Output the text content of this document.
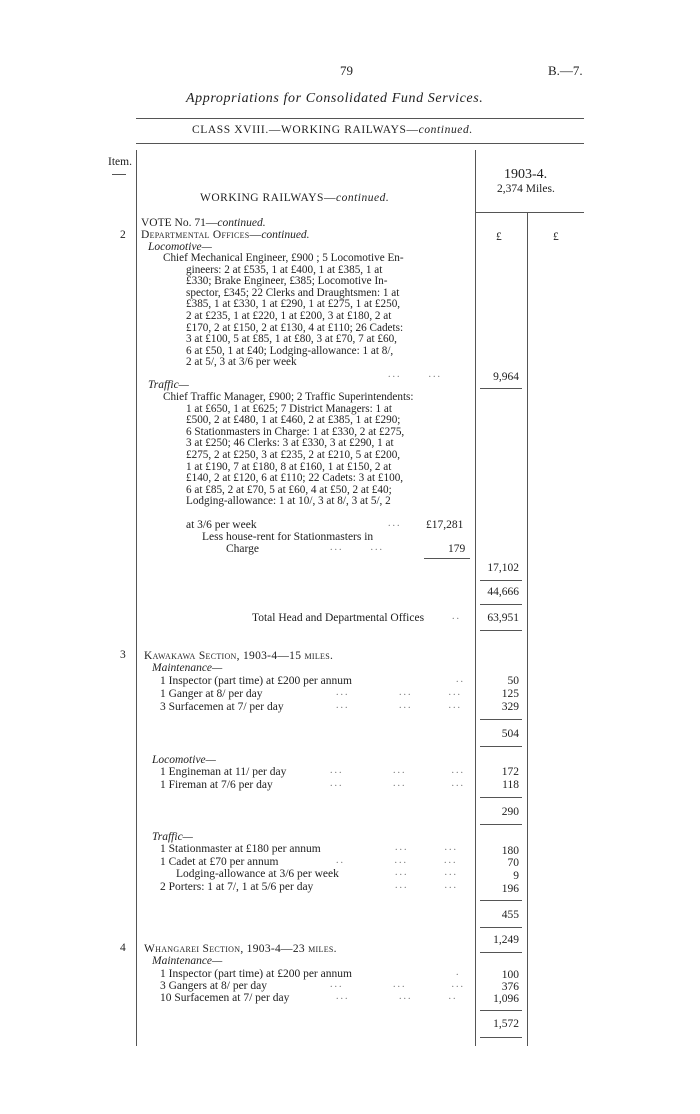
79	B.—7.
Appropriations for Consolidated Fund Services.
CLASS XVIII.—WORKING RAILWAYS—continued.
Item.
1903-4.
2,374 Miles.
WORKING RAILWAYS—continued.
VOTE No. 71—continued.
2 Departmental Offices—continued.	£	£
Locomotive—
Chief Mechanical Engineer, £900 ; 5 Locomotive En-
gineers: 2 at £535, 1 at £400, 1 at £385, 1 at
£330; Brake Engineer, £385; Locomotive In-
spector, £345; 22 Clerks and Draughtsmen: 1 at
£385, 1 at £330, 1 at £290, 1 at £275, 1 at £250,
2 at £235, 1 at £220, 1 at £200, 3 at £180, 2 at
£170, 2 at £150, 2 at £130, 4 at £110; 26 Cadets:
3 at £100, 5 at £85, 1 at £80, 3 at £70, 7 at £60,
6 at £50, 1 at £40; Lodging-allowance: 1 at 8/,
2 at 5/, 3 at 3/6 per week
...      ...	9,964
Traffic—
Chief Traffic Manager, £900; 2 Traffic Superintendents:
1 at £650, 1 at £625; 7 District Managers: 1 at
£500, 2 at £480, 1 at £460, 2 at £385, 1 at £290;
6 Stationmasters in Charge: 1 at £330, 2 at £275,
3 at £250; 46 Clerks: 3 at £330, 3 at £290, 1 at
£275, 2 at £250, 3 at £235, 2 at £210, 5 at £200,
1 at £190, 7 at £180, 8 at £160, 1 at £150, 2 at
£140, 2 at £120, 6 at £110; 22 Cadets: 3 at £100,
6 at £85, 2 at £70, 5 at £60, 4 at £50, 2 at £40;
Lodging-allowance: 1 at 10/, 3 at 8/, 3 at 5/, 2
at 3/6 per week	... £17,281
Less house-rent for Stationmasters in
Charge	...      ...	179
17,102
44,666
Total Head and Departmental Offices	..	63,951
3 Kawakawa Section, 1903-4—15 miles.
Maintenance—
1 Inspector (part time) at £200 per annum	..	50
1 Ganger at 8/ per day	...           ...        ...	125
3 Surfacemen at 7/ per day	...           ...        ...	329
504
Locomotive—
1 Engineman at 11/ per day	...           ...          ...	172
1 Fireman at 7/6 per day	...           ...          ...	118
290
Traffic—
1 Stationmaster at £180 per annum	...        ...	180
1 Cadet at £70 per annum	..           ...        ...	70
Lodging-allowance at 3/6 per week	...        ...	9
2 Porters: 1 at 7/, 1 at 5/6 per day	...        ...	196
455
1,249
4 Whangarei Section, 1903-4—23 miles.
Maintenance—
1 Inspector (part time) at £200 per annum	.	100
3 Gangers at 8/ per day	...           ...          ...	376
10 Surfacemen at 7/ per day	...           ...        ..	1,096
1,572
